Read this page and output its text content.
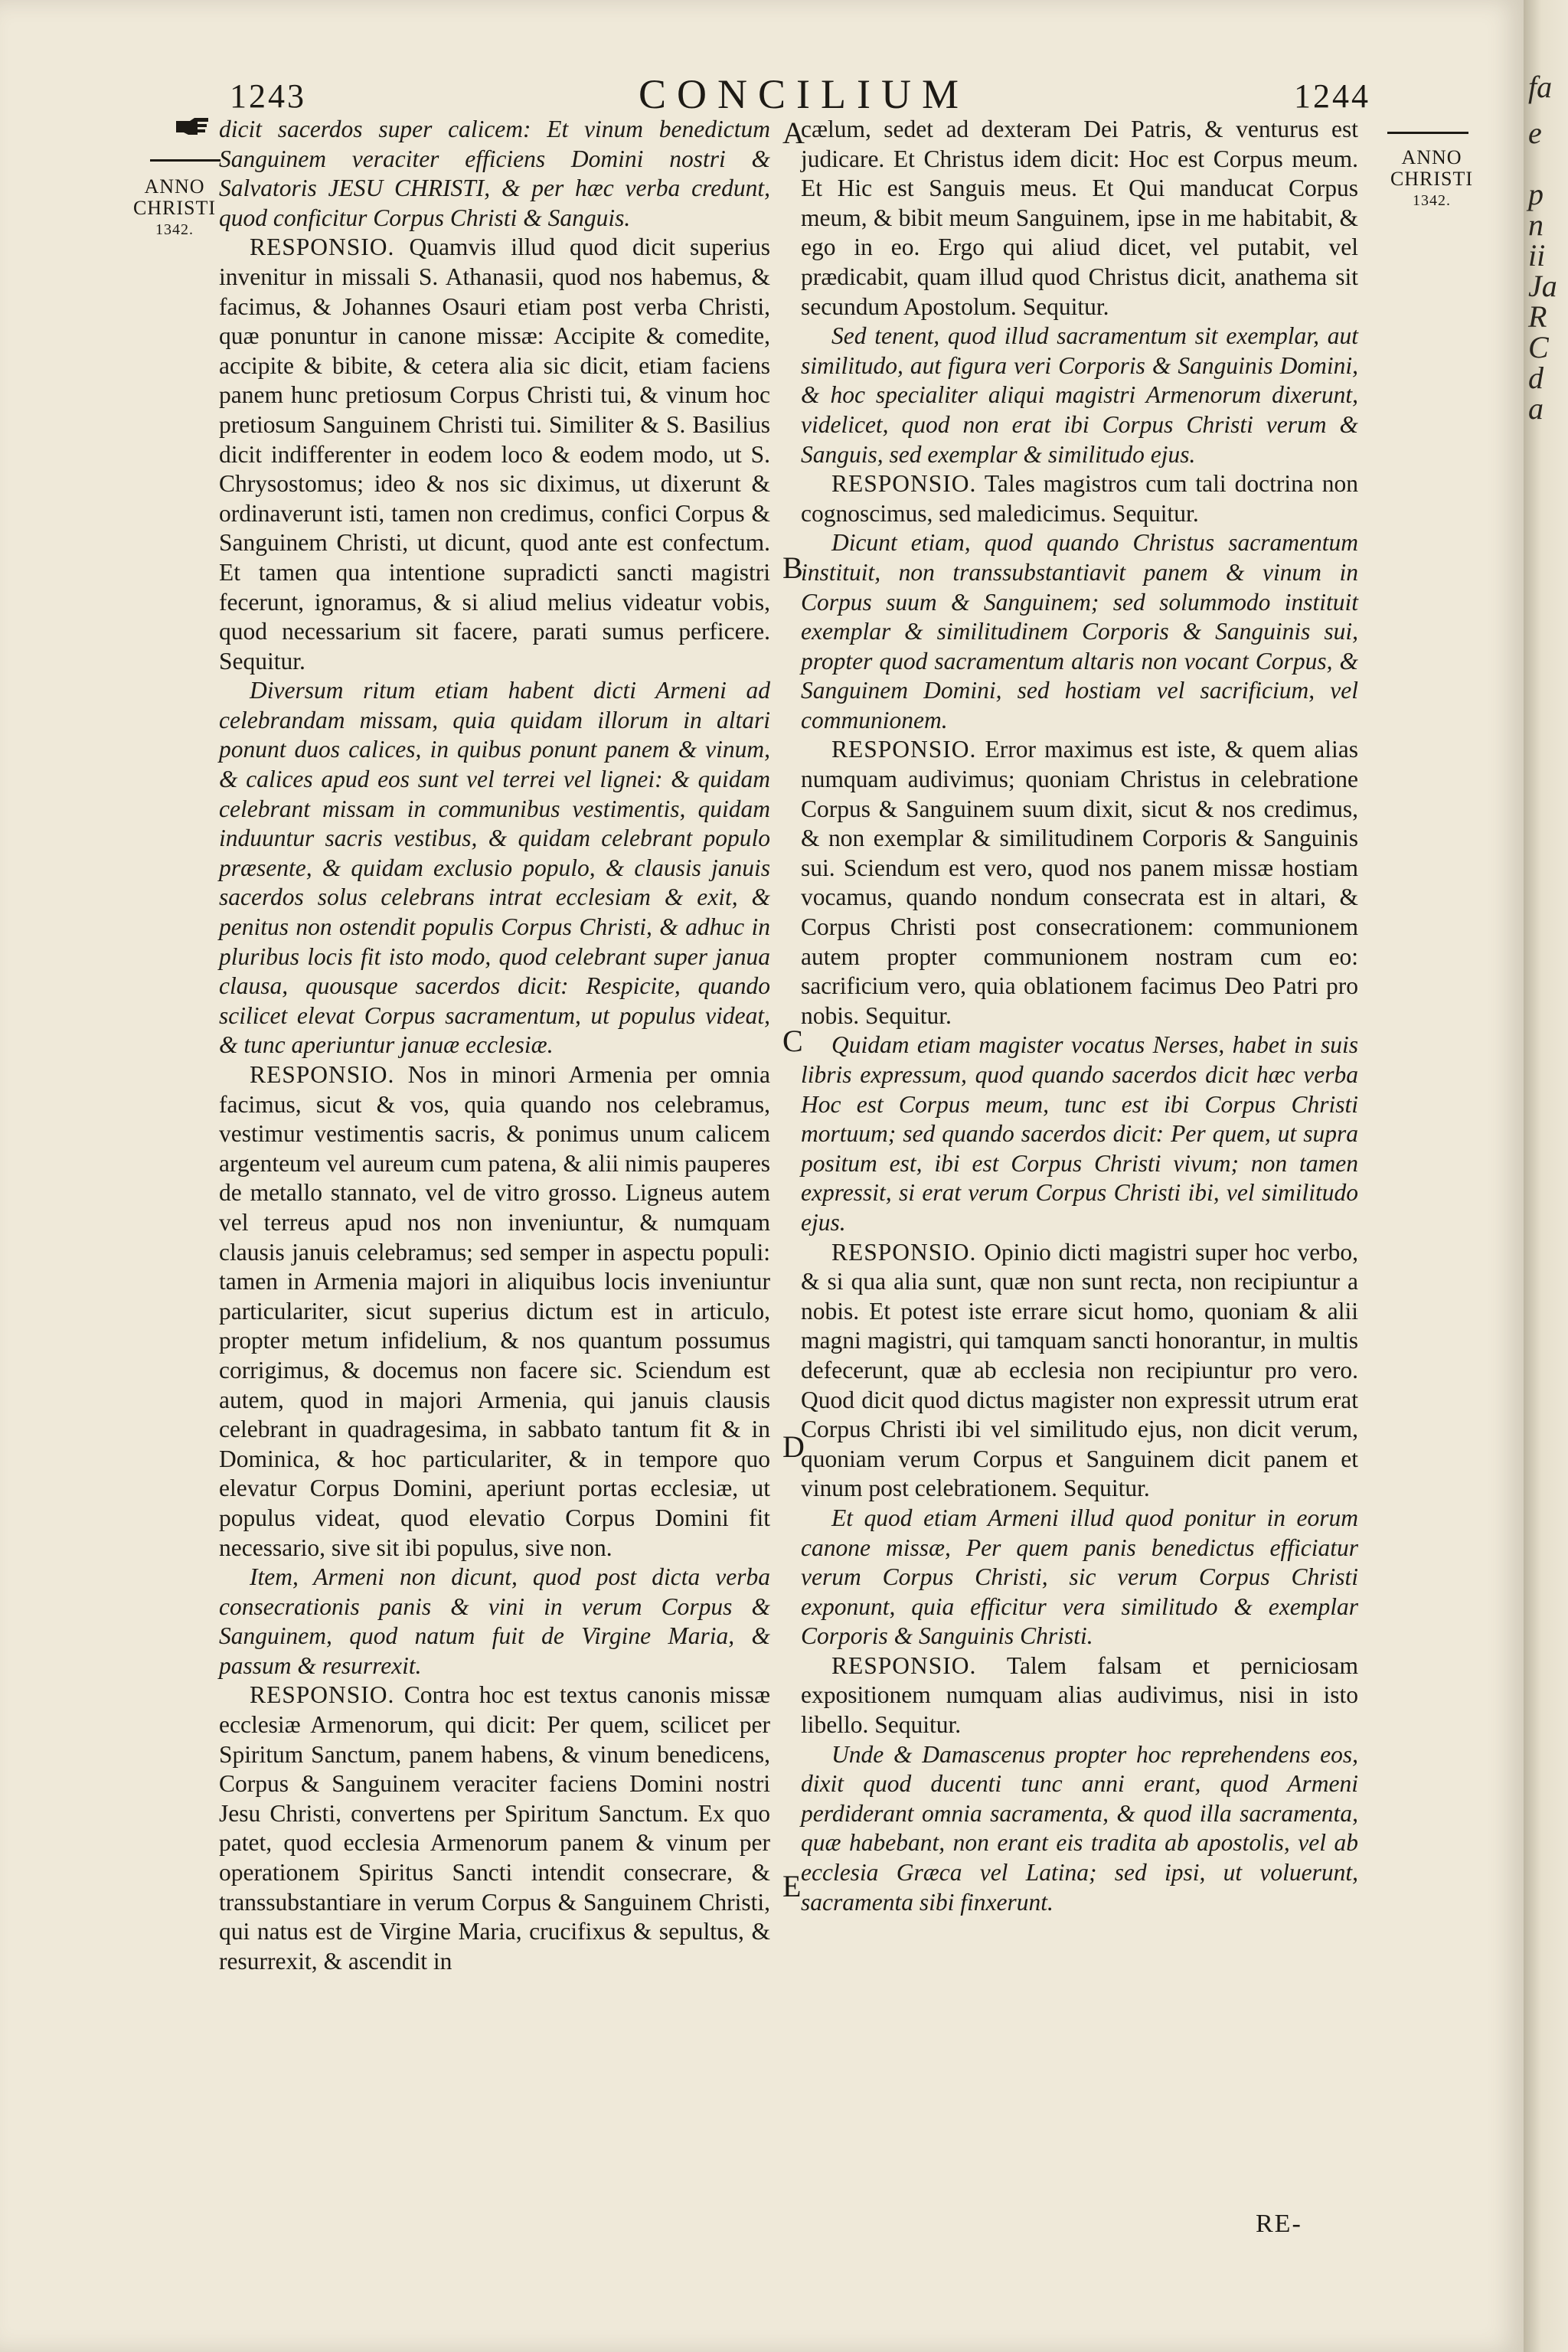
1243	CONCILIUM	1244
ANNO
CHRISTI
1342.
ANNO
CHRISTI
1342.
A
B
C
D
E

dicit sacerdos super calicem: Et vinum benedictum Sanguinem veraciter efficiens Domini nostri & Salvatoris JESU CHRISTI, & per hæc verba credunt, quod conficitur Corpus Christi & Sanguis.

RESPONSIO. Quamvis illud quod dicit superius invenitur in missali S. Athanasii, quod nos habemus, & facimus, & Johannes Osauri etiam post verba Christi, quæ ponuntur in canone missæ: Accipite & comedite, accipite & bibite, & cetera alia sic dicit, etiam faciens panem hunc pretiosum Corpus Christi tui, & vinum hoc pretiosum Sanguinem Christi tui. Similiter & S. Basilius dicit indifferenter in eodem loco & eodem modo, ut S. Chrysostomus; ideo & nos sic diximus, ut dixerunt & ordinaverunt isti, tamen non credimus, confici Corpus & Sanguinem Christi, ut dicunt, quod ante est confectum. Et tamen qua intentione supradicti sancti magistri fecerunt, ignoramus, & si aliud melius videatur vobis, quod necessarium sit facere, parati sumus perficere. Sequitur.

Diversum ritum etiam habent dicti Armeni ad celebrandam missam, quia quidam illorum in altari ponunt duos calices, in quibus ponunt panem & vinum, & calices apud eos sunt vel terrei vel lignei: & quidam celebrant missam in communibus vestimentis, quidam induuntur sacris vestibus, & quidam celebrant populo præsente, & quidam exclusio populo, & clausis januis sacerdos solus celebrans intrat ecclesiam & exit, & penitus non ostendit populis Corpus Christi, & adhuc in pluribus locis fit isto modo, quod celebrant super janua clausa, quousque sacerdos dicit: Respicite, quando scilicet elevat Corpus sacramentum, ut populus videat, & tunc aperiuntur januæ ecclesiæ.

RESPONSIO. Nos in minori Armenia per omnia facimus, sicut & vos, quia quando nos celebramus, vestimur vestimentis sacris, & ponimus unum calicem argenteum vel aureum cum patena, & alii nimis pauperes de metallo stannato, vel de vitro grosso. Ligneus autem vel terreus apud nos non inveniuntur, & numquam clausis januis celebramus; sed semper in aspectu populi: tamen in Armenia majori in aliquibus locis inveniuntur particulariter, sicut superius dictum est in articulo, propter metum infidelium, & nos quantum possumus corrigimus, & docemus non facere sic. Sciendum est autem, quod in majori Armenia, qui januis clausis celebrant in quadragesima, in sabbato tantum fit & in Dominica, & hoc particulariter, & in tempore quo elevatur Corpus Domini, aperiunt portas ecclesiæ, ut populus videat, quod elevatio Corpus Domini fit necessario, sive sit ibi populus, sive non.

Item, Armeni non dicunt, quod post dicta verba consecrationis panis & vini in verum Corpus & Sanguinem, quod natum fuit de Virgine Maria, & passum & resurrexit.

RESPONSIO. Contra hoc est textus canonis missæ ecclesiæ Armenorum, qui dicit: Per quem, scilicet per Spiritum Sanctum, panem habens, & vinum benedicens, Corpus & Sanguinem veraciter faciens Domini nostri Jesu Christi, convertens per Spiritum Sanctum. Ex quo patet, quod ecclesia Armenorum panem & vinum per operationem Spiritus Sancti intendit consecrare, & transsubstantiare in verum Corpus & Sanguinem Christi, qui natus est de Virgine Maria, crucifixus & sepultus, & resurrexit, & ascendit in

cælum, sedet ad dexteram Dei Patris, & venturus est judicare. Et Christus idem dicit: Hoc est Corpus meum. Et Hic est Sanguis meus. Et Qui manducat Corpus meum, & bibit meum Sanguinem, ipse in me habitabit, & ego in eo. Ergo qui aliud dicet, vel putabit, vel prædicabit, quam illud quod Christus dicit, anathema sit secundum Apostolum. Sequitur.

Sed tenent, quod illud sacramentum sit exemplar, aut similitudo, aut figura veri Corporis & Sanguinis Domini, & hoc specialiter aliqui magistri Armenorum dixerunt, videlicet, quod non erat ibi Corpus Christi verum & Sanguis, sed exemplar & similitudo ejus.

RESPONSIO. Tales magistros cum tali doctrina non cognoscimus, sed maledicimus. Sequitur.

Dicunt etiam, quod quando Christus sacramentum instituit, non transsubstantiavit panem & vinum in Corpus suum & Sanguinem; sed solummodo instituit exemplar & similitudinem Corporis & Sanguinis sui, propter quod sacramentum altaris non vocant Corpus, & Sanguinem Domini, sed hostiam vel sacrificium, vel communionem.

RESPONSIO. Error maximus est iste, & quem alias numquam audivimus; quoniam Christus in celebratione Corpus & Sanguinem suum dixit, sicut & nos credimus, & non exemplar & similitudinem Corporis & Sanguinis sui. Sciendum est vero, quod nos panem missæ hostiam vocamus, quando nondum consecrata est in altari, & Corpus Christi post consecrationem: communionem autem propter communionem nostram cum eo: sacrificium vero, quia oblationem facimus Deo Patri pro nobis. Sequitur.

Quidam etiam magister vocatus Nerses, habet in suis libris expressum, quod quando sacerdos dicit hæc verba Hoc est Corpus meum, tunc est ibi Corpus Christi mortuum; sed quando sacerdos dicit: Per quem, ut supra positum est, ibi est Corpus Christi vivum; non tamen expressit, si erat verum Corpus Christi ibi, vel similitudo ejus.

RESPONSIO. Opinio dicti magistri super hoc verbo, & si qua alia sunt, quæ non sunt recta, non recipiuntur a nobis. Et potest iste errare sicut homo, quoniam & alii magni magistri, qui tamquam sancti honorantur, in multis defecerunt, quæ ab ecclesia non recipiuntur pro vero. Quod dicit quod dictus magister non expressit utrum erat Corpus Christi ibi vel similitudo ejus, non dicit verum, quoniam verum Corpus et Sanguinem dicit panem et vinum post celebrationem. Sequitur.

Et quod etiam Armeni illud quod ponitur in eorum canone missæ, Per quem panis benedictus efficiatur verum Corpus Christi, sic verum Corpus Christi exponunt, quia efficitur vera similitudo & exemplar Corporis & Sanguinis Christi.

RESPONSIO. Talem falsam et perniciosam expositionem numquam alias audivimus, nisi in isto libello. Sequitur.

Unde & Damascenus propter hoc reprehendens eos, dixit quod ducenti tunc anni erant, quod Armeni perdiderant omnia sacramenta, & quod illa sacramenta, quæ habebant, non erant eis tradita ab apostolis, vel ab ecclesia Græca vel Latina; sed ipsi, ut voluerunt, sacramenta sibi finxerunt.

RE-
fa
e
p
n
ii
Ja
R
C
d
a
